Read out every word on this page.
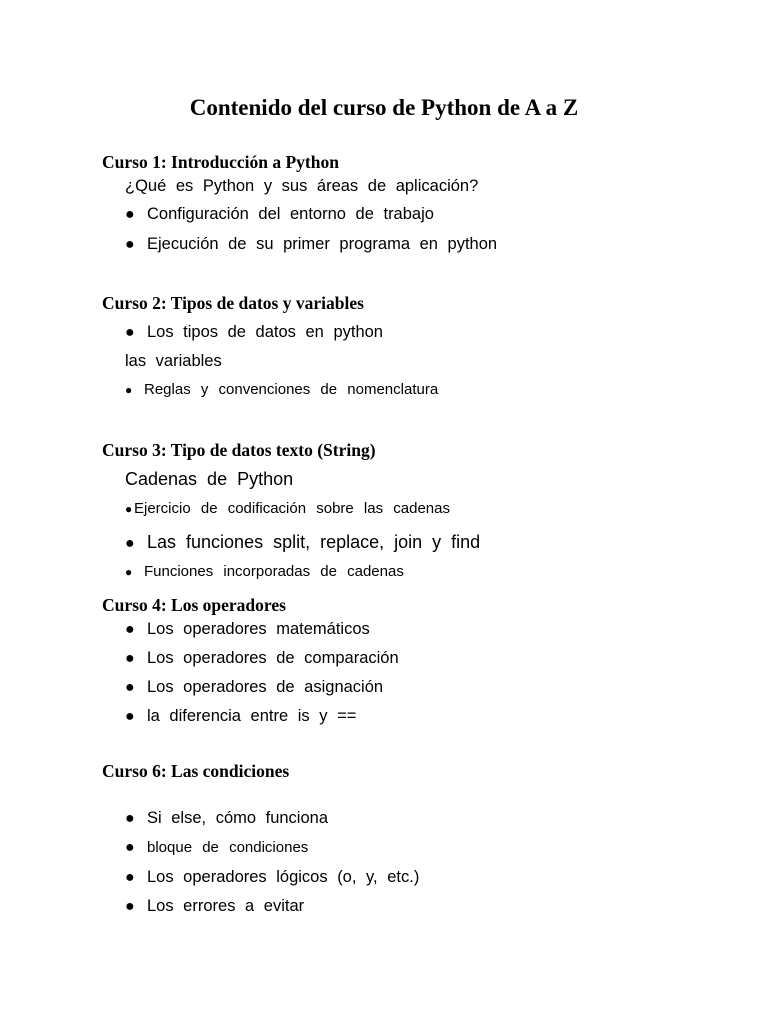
Contenido del curso de Python de A a Z
Curso 1: Introducción a Python
¿Qué es Python y sus áreas de aplicación?
● Configuración del entorno de trabajo
● Ejecución de su primer programa en python
Curso 2: Tipos de datos y variables
● Los tipos de datos en python
las variables
● Reglas y convenciones de nomenclatura
Curso 3: Tipo de datos texto (String)
Cadenas de Python
● Ejercicio de codificación sobre las cadenas
● Las funciones split, replace, join y find
● Funciones incorporadas de cadenas
Curso 4: Los operadores
● Los operadores matemáticos
● Los operadores de comparación
● Los operadores de asignación
● la diferencia entre is y ==
Curso 6: Las condiciones
● Si else, cómo funciona
● bloque de condiciones
● Los operadores lógicos (o, y, etc.)
● Los errores a evitar
